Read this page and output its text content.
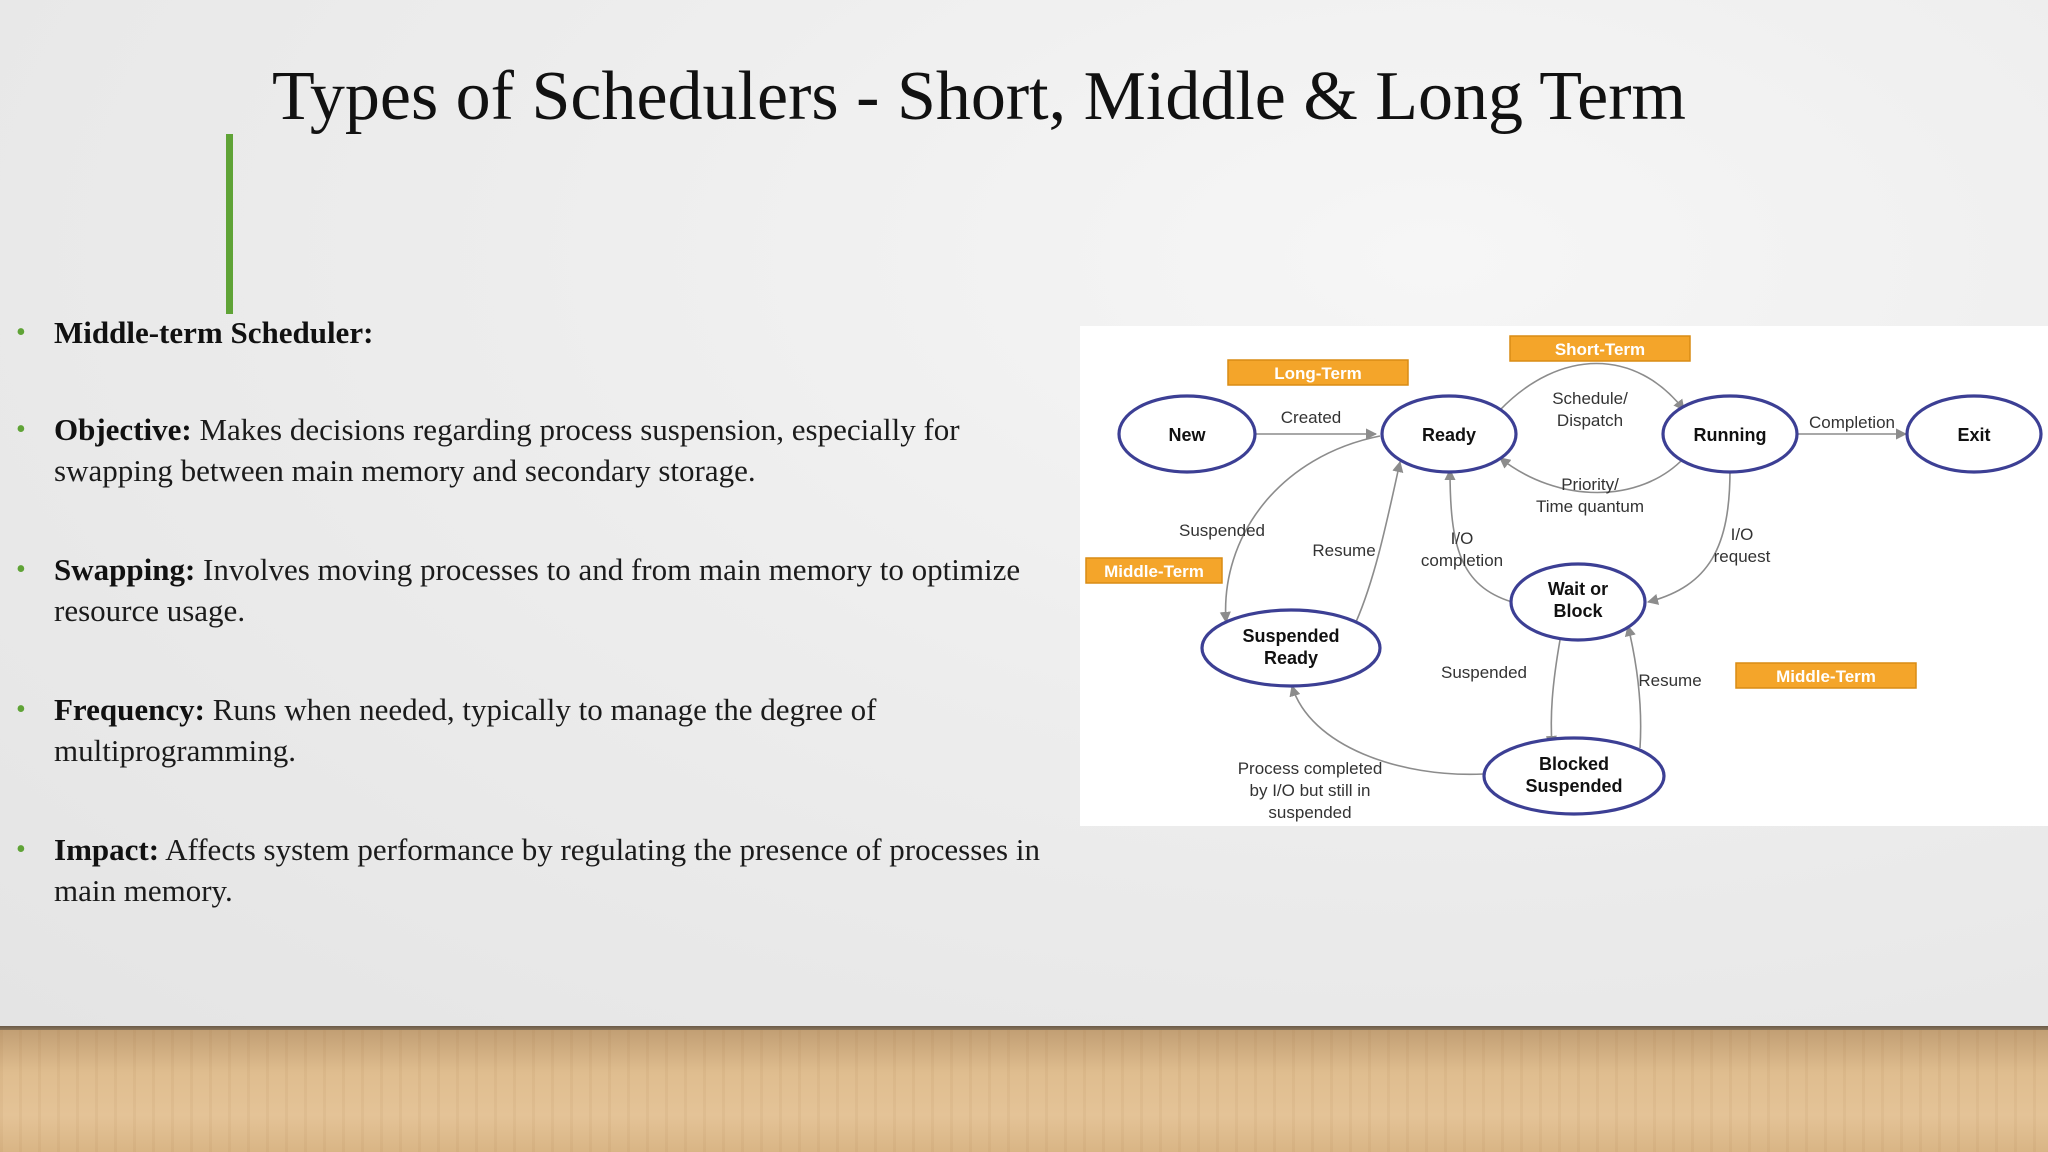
Types of Schedulers - Short, Middle & Long Term
• Middle-term Scheduler:
• Objective: Makes decisions regarding process suspension, especially for swapping between main memory and secondary storage.
• Swapping: Involves moving processes to and from main memory to optimize resource usage.
• Frequency: Runs when needed, typically to manage the degree of multiprogramming.
• Impact: Affects system performance by regulating the presence of processes in main memory.
Created
Schedule/
Dispatch
Priority/
Time quantum
Completion
Suspended
Resume
I/O
completion
I/O
request
Suspended	Resume
Process completed
by I/O but still in
suspended
New	Ready	Running	Exit
Wait or
Block
Suspended
Ready
Blocked
Suspended
Long-Term
Short-Term
Middle-Term
Middle-Term
